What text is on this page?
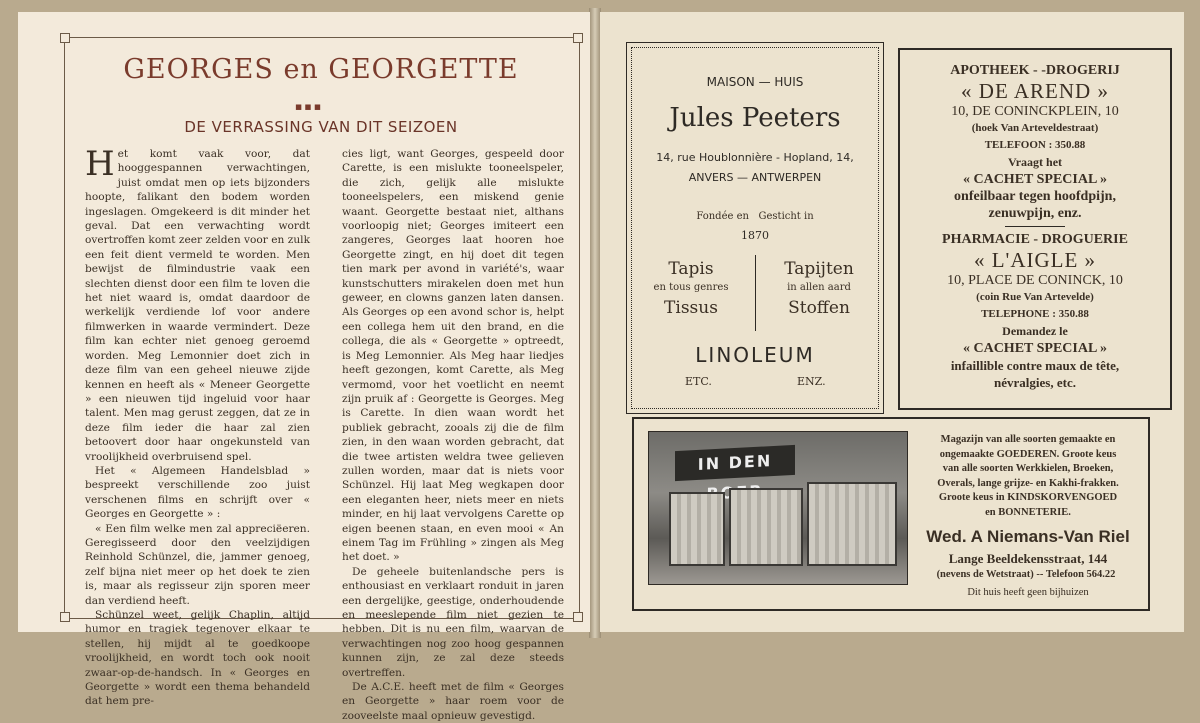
GEORGES en GEORGETTE
▪▪▪
DE VERRASSING VAN DIT SEIZOEN

Het komt vaak voor, dat hooggespannen verwachtingen, juist omdat men op iets bijzonders hoopte, falikant den bodem worden ingeslagen. Omgekeerd is dit minder het geval. Dat een verwachting wordt overtroffen komt zeer zelden voor en zulk een feit dient vermeld te worden. Men bewijst de filmindustrie vaak een slechten dienst door een film te loven die het niet waard is, omdat daardoor de werkelijk verdiende lof voor andere filmwerken in waarde vermindert. Deze film kan echter niet genoeg geroemd worden. Meg Lemonnier doet zich in deze film van een geheel nieuwe zijde kennen en heeft als « Meneer Georgette » een nieuwen tijd ingeluid voor haar talent. Men mag gerust zeggen, dat ze in deze film ieder die haar zal zien betoovert door haar ongekunsteld van vroolijkheid overbruisend spel.

Het « Algemeen Handelsblad » bespreekt verschillende zoo juist verschenen films en schrijft over « Georges en Georgette » :

« Een film welke men zal appreciëeren. Geregisseerd door den veelzijdigen Reinhold Schünzel, die, jammer genoeg, zelf bijna niet meer op het doek te zien is, maar als regisseur zijn sporen meer dan verdiend heeft.

Schünzel weet, gelijk Chaplin, altijd humor en tragiek tegenover elkaar te stellen, hij mijdt al te goedkoope vroolijkheid, en wordt toch ook nooit zwaar-op-de-handsch. In « Georges en Georgette » wordt een thema behandeld dat hem pre-

cies ligt, want Georges, gespeeld door Carette, is een mislukte tooneelspeler, die zich, gelijk alle mislukte tooneelspelers, een miskend genie waant. Georgette bestaat niet, althans voorloopig niet; Georges imiteert een zangeres, Georges laat hooren hoe Georgette zingt, en hij doet dit tegen tien mark per avond in variété's, waar kunstschutters mirakelen doen met hun geweer, en clowns ganzen laten dansen. Als Georges op een avond schor is, helpt een collega hem uit den brand, en die collega, die als « Georgette » optreedt, is Meg Lemonnier. Als Meg haar liedjes heeft gezongen, komt Carette, als Meg vermomd, voor het voetlicht en neemt zijn pruik af : Georgette is Georges. Meg is Carette. In dien waan wordt het publiek gebracht, zooals zij die de film zien, in den waan worden gebracht, dat die twee artisten weldra twee gelieven zullen worden, maar dat is niets voor Schünzel. Hij laat Meg wegkapen door een eleganten heer, niets meer en niets minder, en hij laat vervolgens Carette op eigen beenen staan, en even mooi « An einem Tag im Frühling » zingen als Meg het doet. »

De geheele buitenlandsche pers is enthousiast en verklaart ronduit in jaren een dergelijke, geestige, onderhoudende en meeslepende film niet gezien te hebben. Dit is nu een film, waarvan de verwachtingen nog zoo hoog gespannen kunnen zijn, ze zal deze steeds overtreffen.

De A.C.E. heeft met de film « Georges en Georgette » haar roem voor de zooveelste maal opnieuw gevestigd.

MAISON — HUIS
Jules Peeters
14, rue Houblonnière - Hopland, 14,
ANVERS — ANTWERPEN
Fondée en Gesticht in
1870
Tapis
en tous genres
Tissus
Tapijten
in allen aard
Stoffen
LINOLEUM
ETC.	ENZ.
APOTHEEK - -DROGERIJ
« DE AREND »
10, DE CONINCKPLEIN, 10
(hoek Van Arteveldestraat)
TELEFOON : 350.88
Vraagt het
« CACHET SPECIAL »
onfeilbaar tegen hoofdpijn,
zenuwpijn, enz.
PHARMACIE - DROGUERIE
« L'AIGLE »
10, PLACE DE CONINCK, 10
(coin Rue Van Artevelde)
TELEPHONE : 350.88
Demandez le
« CACHET SPECIAL »
infaillible contre maux de tête,
névralgies, etc.
IN DEN
Magazijn van alle soorten gemaakte en
ongemaakte GOEDEREN. Groote keus
van alle soorten Werkkielen, Broeken,
Overals, lange grijze- en Kakhi-frakken.
Groote keus in KINDSKORVENGOED
en BONNETERIE.
Wed. A Niemans-Van Riel
Lange Beeldekensstraat, 144
(nevens de Wetstraat) -- Telefoon 564.22
Dit huis heeft geen bijhuizen
